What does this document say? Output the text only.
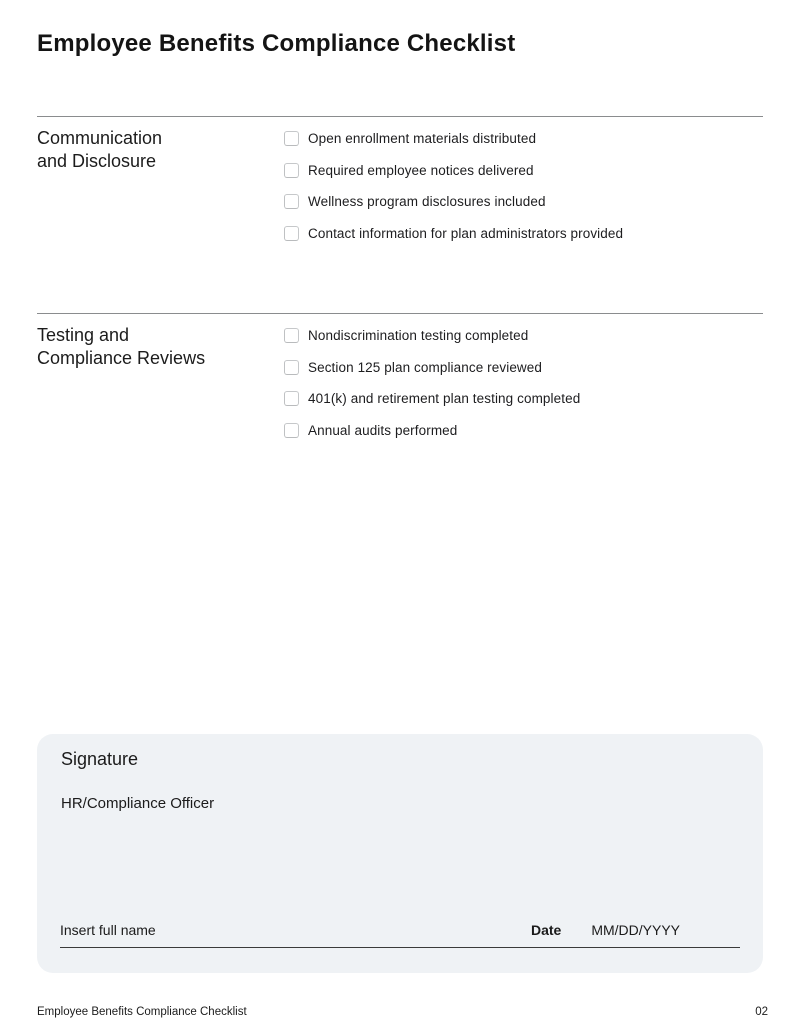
Employee Benefits Compliance Checklist
Communication
and Disclosure
Open enrollment materials distributed
Required employee notices delivered
Wellness program disclosures included
Contact information for plan administrators provided
Testing and
Compliance Reviews
Nondiscrimination testing completed
Section 125 plan compliance reviewed
401(k) and retirement plan testing completed
Annual audits performed
Signature
HR/Compliance Officer
Insert full name	Date MM/DD/YYYY
Employee Benefits Compliance Checklist	02
